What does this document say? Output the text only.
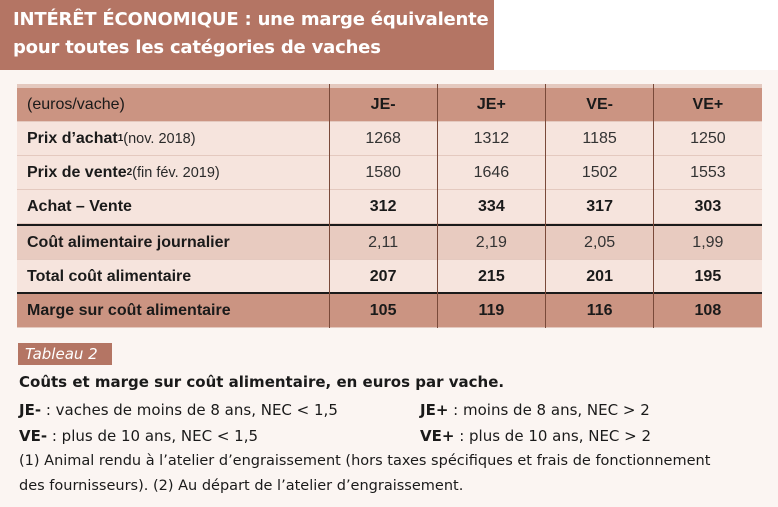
INTÉRÊT ÉCONOMIQUE : une marge équivalente
pour toutes les catégories de vaches
(euros/vache)	JE-	JE+	VE-	VE+
Prix d’achat 1 (nov. 2018)	1268	1312	1185	1250
Prix de vente 2 (fin fév. 2019)	1580	1646	1502	1553
Achat – Vente	312	334	317	303
Coût alimentaire journalier	2,11	2,19	2,05	1,99
Total coût alimentaire	207	215	201	195
Marge sur coût alimentaire	105	119	116	108
Tableau 2
Coûts et marge sur coût alimentaire, en euros par vache.
JE- : vaches de moins de 8 ans, NEC < 1,5	JE+ : moins de 8 ans, NEC > 2
VE- : plus de 10 ans, NEC < 1,5	VE+ : plus de 10 ans, NEC > 2
(1) Animal rendu à l’atelier d’engraissement (hors taxes spécifiques et frais de fonctionnement
des fournisseurs). (2) Au départ de l’atelier d’engraissement.
